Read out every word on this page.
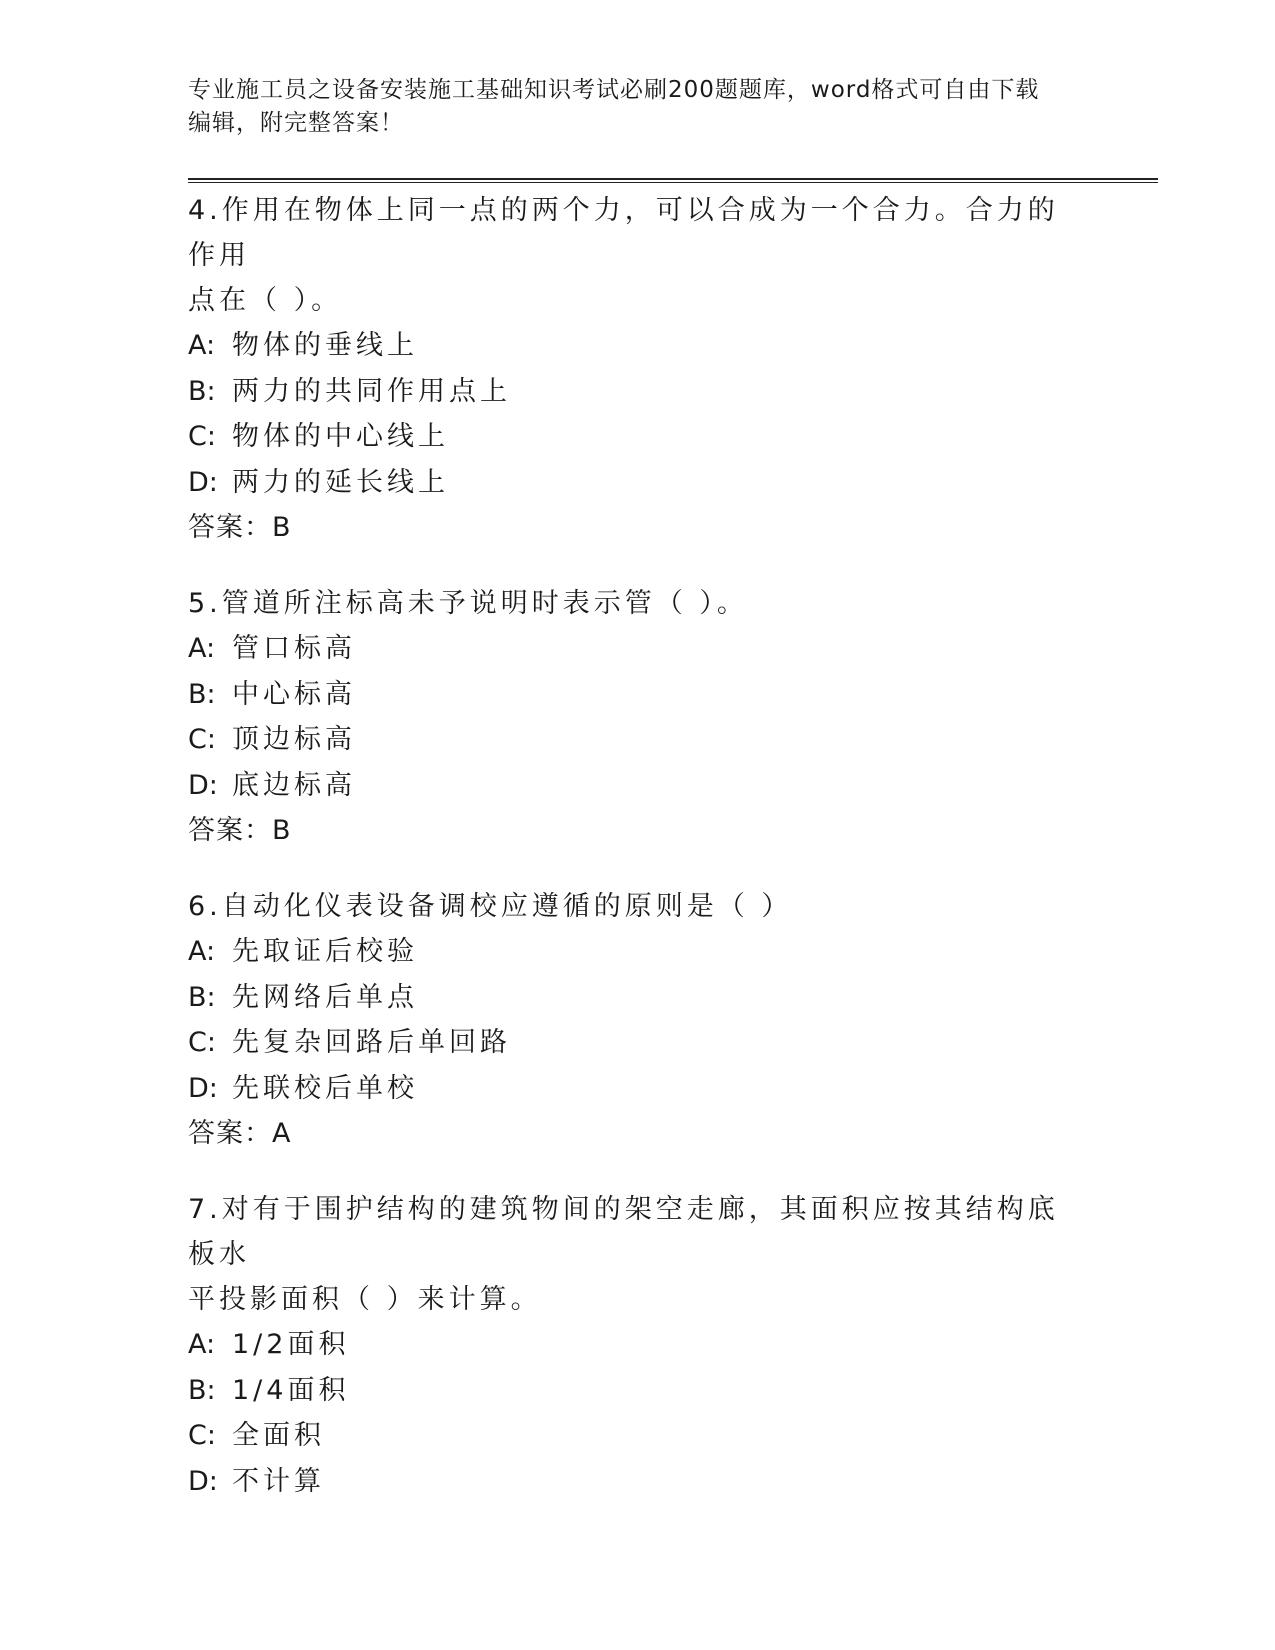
专业施工员之设备安装施工基础知识考试必刷200题题库，word格式可自由下载
编辑，附完整答案！

4.作用在物体上同一点的两个力，可以合成为一个合力。合力的作用

点在（ ）。

A: 物体的垂线上

B: 两力的共同作用点上

C: 物体的中心线上

D: 两力的延长线上

答案：B

5.管道所注标高未予说明时表示管（ ）。

A: 管口标高

B: 中心标高

C: 顶边标高

D: 底边标高

答案：B

6.自动化仪表设备调校应遵循的原则是（ ）

A: 先取证后校验

B: 先网络后单点

C: 先复杂回路后单回路

D: 先联校后单校

答案：A

7.对有于围护结构的建筑物间的架空走廊，其面积应按其结构底板水

平投影面积（ ）来计算。

A: 1/2面积

B: 1/4面积

C: 全面积

D: 不计算
